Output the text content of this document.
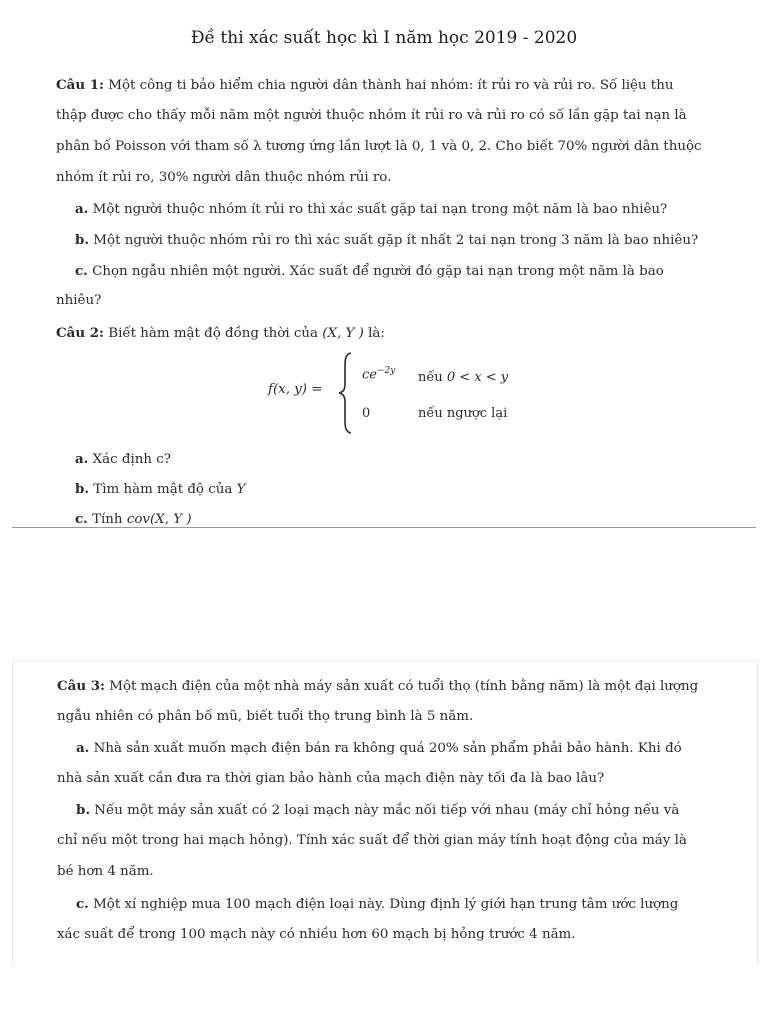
Đề thi xác suất học kì I năm học 2019 - 2020
Câu 1: Một công ti bảo hiểm chia người dân thành hai nhóm: ít rủi ro và rủi ro. Số liệu thu
thập được cho thấy mỗi năm một người thuộc nhóm ít rủi ro và rủi ro có số lần gặp tai nạn là
phân bố Poisson với tham số λ tương ứng lần lượt là 0, 1 và 0, 2. Cho biết 70% người dân thuộc
nhóm ít rủi ro, 30% người dân thuộc nhóm rủi ro.
a. Một người thuộc nhóm ít rủi ro thì xác suất gặp tai nạn trong một năm là bao nhiêu?
b. Một người thuộc nhóm rủi ro thì xác suất gặp ít nhất 2 tai nạn trong 3 năm là bao nhiêu?
c. Chọn ngẫu nhiên một người. Xác suất để người đó gặp tai nạn trong một năm là bao
nhiêu?
Câu 2: Biết hàm mật độ đồng thời của (X, Y ) là:
f(x, y) =
$ce^{-2y}$ nếu 0 < x < y
0	nếu ngược lại
a. Xác định c?
b. Tìm hàm mật độ của Y
c. Tính cov(X, Y )
Câu 3: Một mạch điện của một nhà máy sản xuất có tuổi thọ (tính bằng năm) là một đại lượng
ngẫu nhiên có phân bố mũ, biết tuổi thọ trung bình là 5 năm.
a. Nhà sản xuất muốn mạch điện bán ra không quá 20% sản phẩm phải bảo hành. Khi đó
nhà sản xuất cần đưa ra thời gian bảo hành của mạch điện này tối đa là bao lâu?
b. Nếu một máy sản xuất có 2 loại mạch này mắc nối tiếp với nhau (máy chỉ hỏng nếu và
chỉ nếu một trong hai mạch hỏng). Tính xác suất để thời gian máy tính hoạt động của máy là
bé hơn 4 năm.
c. Một xí nghiệp mua 100 mạch điện loại này. Dùng định lý giới hạn trung tâm ước lượng
xác suất để trong 100 mạch này có nhiều hơn 60 mạch bị hỏng trước 4 năm.
